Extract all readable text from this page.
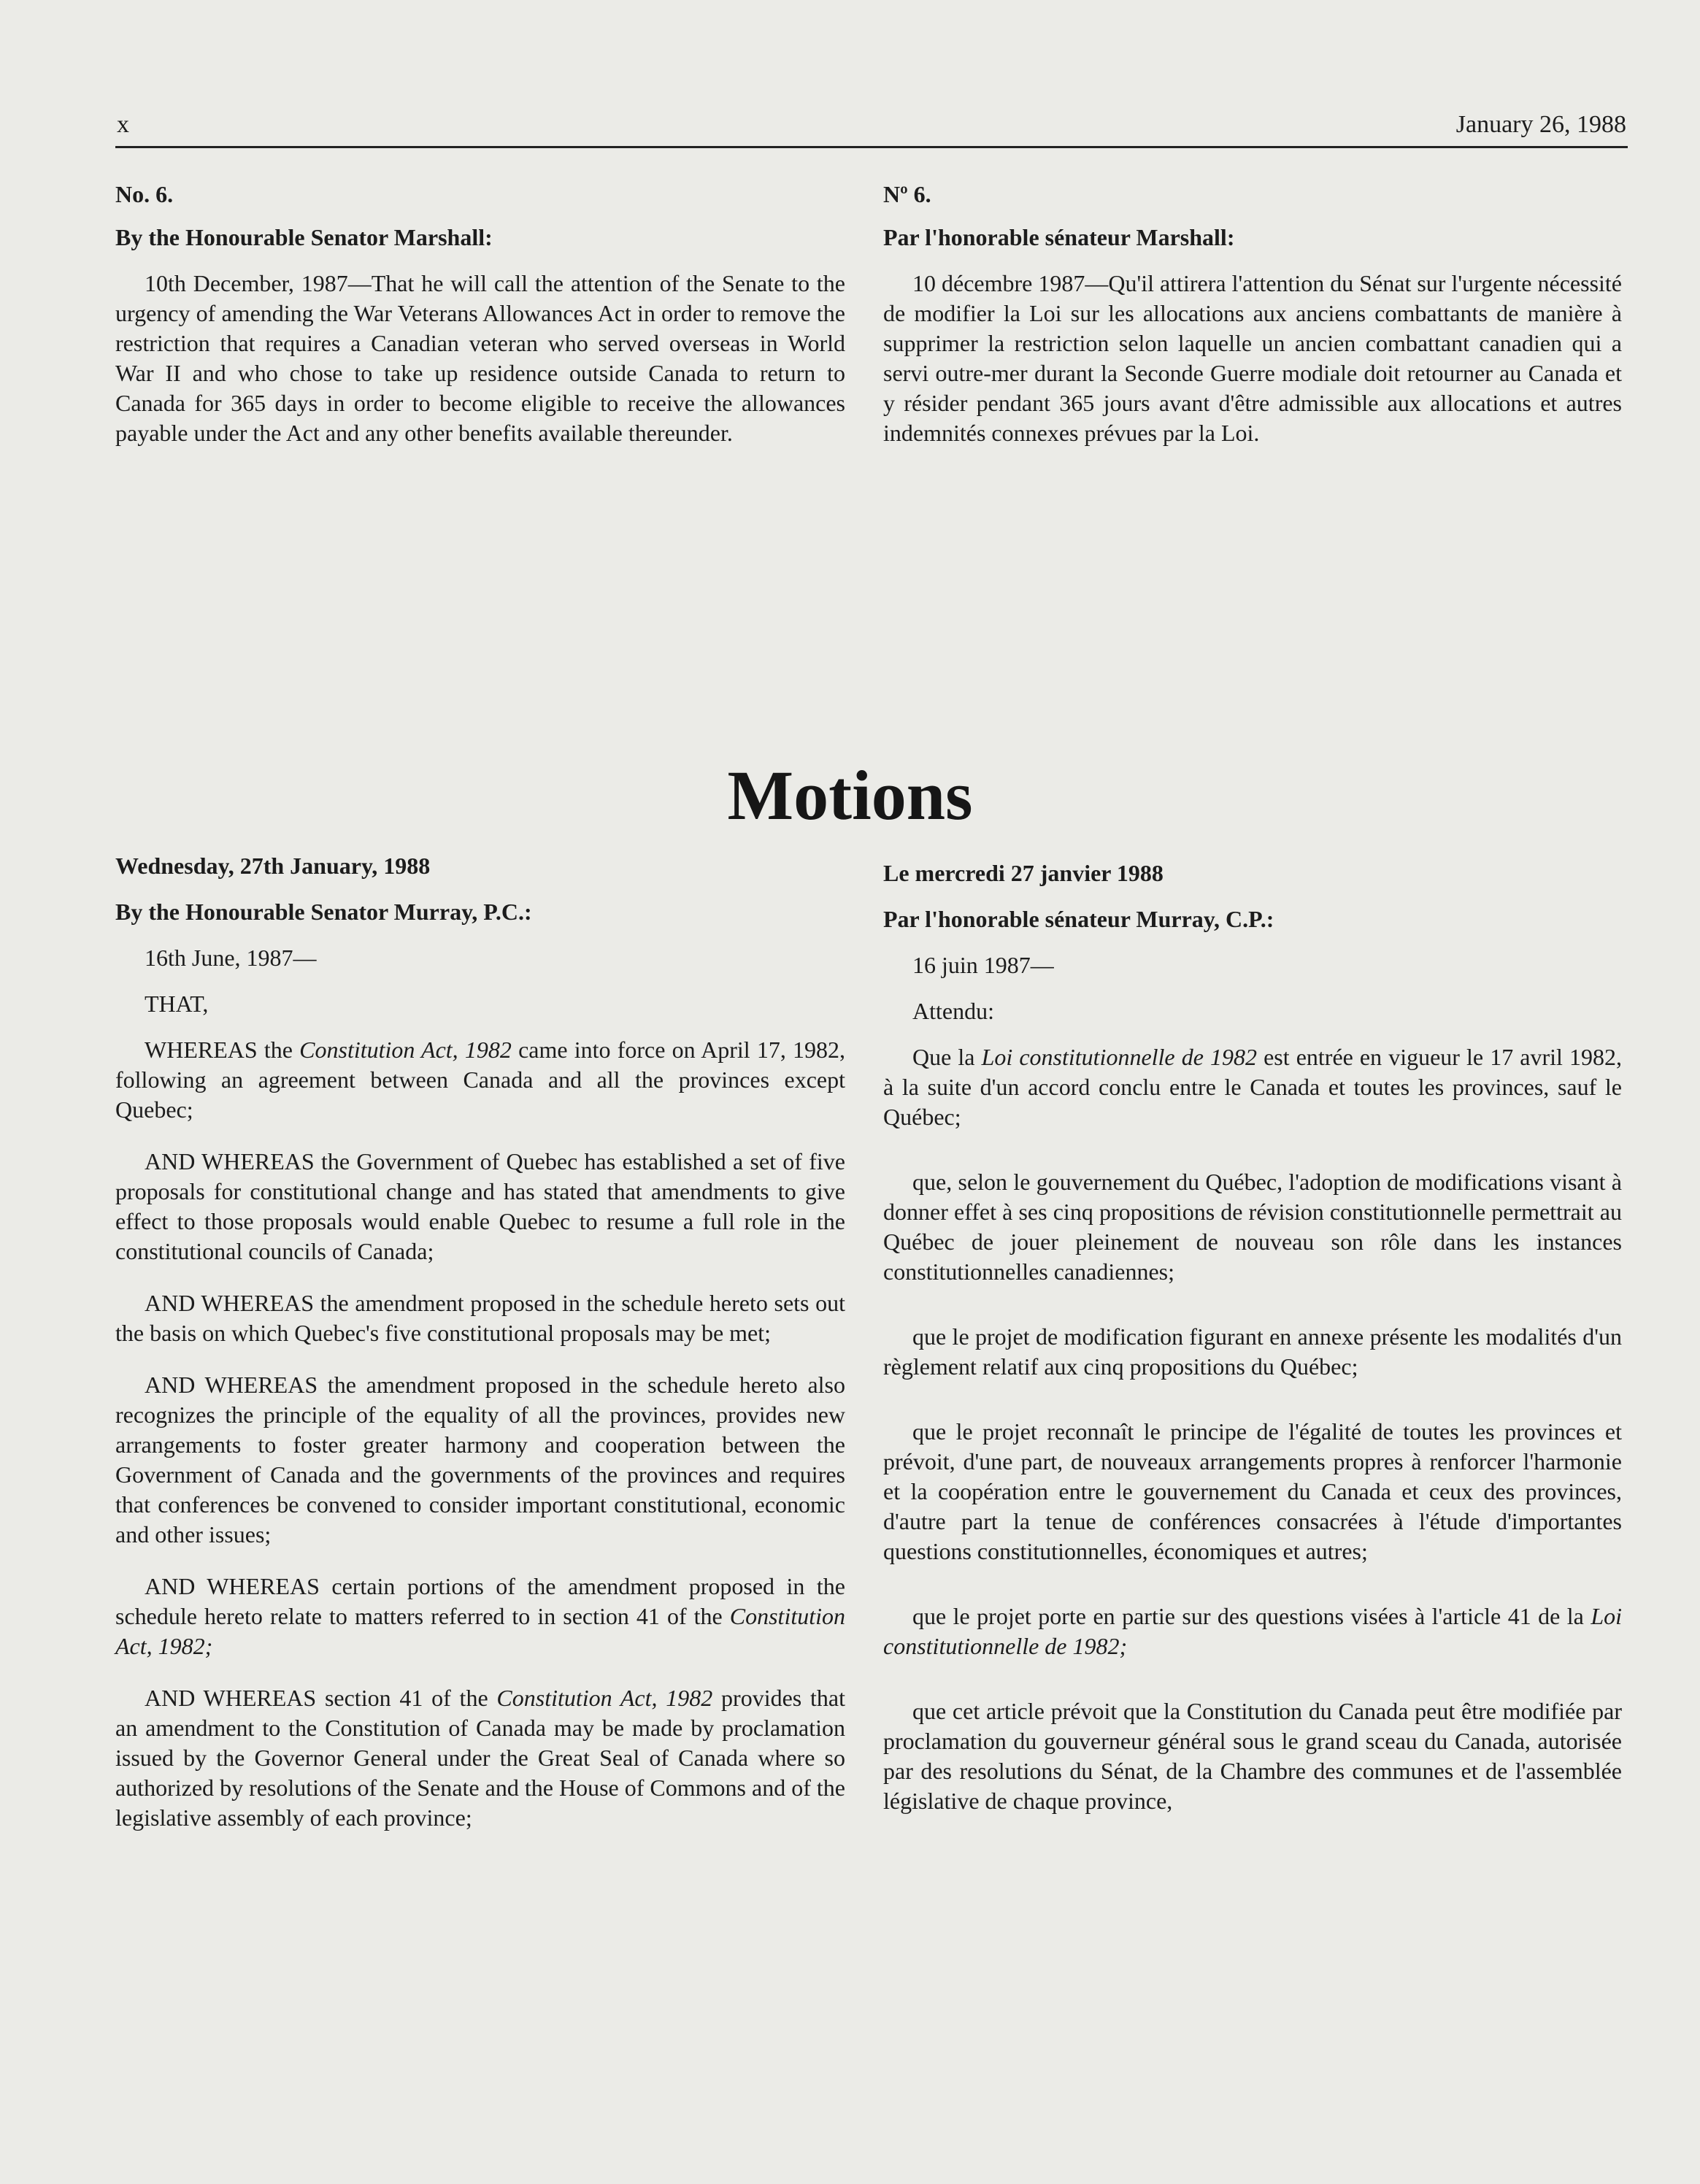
x	January 26, 1988

No. 6.

By the Honourable Senator Marshall:

10th December, 1987—That he will call the attention of the Senate to the urgency of amending the War Veterans Allowances Act in order to remove the restriction that requires a Canadian veteran who served overseas in World War II and who chose to take up residence outside Canada to return to Canada for 365 days in order to become eligible to receive the allowances payable under the Act and any other benefits available thereunder.

Nº 6.

Par l'honorable sénateur Marshall:

10 décembre 1987—Qu'il attirera l'attention du Sénat sur l'urgente nécessité de modifier la Loi sur les allocations aux anciens combattants de manière à supprimer la restriction selon laquelle un ancien combattant canadien qui a servi outre-mer durant la Seconde Guerre modiale doit retourner au Canada et y résider pendant 365 jours avant d'être admissible aux allocations et autres indemnités connexes prévues par la Loi.

Motions

Wednesday, 27th January, 1988

By the Honourable Senator Murray, P.C.:

16th June, 1987—

THAT,

WHEREAS the Constitution Act, 1982 came into force on April 17, 1982, following an agreement between Canada and all the provinces except Quebec;

AND WHEREAS the Government of Quebec has established a set of five proposals for constitutional change and has stated that amendments to give effect to those proposals would enable Quebec to resume a full role in the constitutional councils of Canada;

AND WHEREAS the amendment proposed in the schedule hereto sets out the basis on which Quebec's five constitutional proposals may be met;

AND WHEREAS the amendment proposed in the schedule hereto also recognizes the principle of the equality of all the provinces, provides new arrangements to foster greater harmony and cooperation between the Government of Canada and the governments of the provinces and requires that conferences be convened to consider important constitutional, economic and other issues;

AND WHEREAS certain portions of the amendment proposed in the schedule hereto relate to matters referred to in section 41 of the Constitution Act, 1982;

AND WHEREAS section 41 of the Constitution Act, 1982 provides that an amendment to the Constitution of Canada may be made by proclamation issued by the Governor General under the Great Seal of Canada where so authorized by resolutions of the Senate and the House of Commons and of the legislative assembly of each province;

Le mercredi 27 janvier 1988

Par l'honorable sénateur Murray, C.P.:

16 juin 1987—

Attendu:

Que la Loi constitutionnelle de 1982 est entrée en vigueur le 17 avril 1982, à la suite d'un accord conclu entre le Canada et toutes les provinces, sauf le Québec;

que, selon le gouvernement du Québec, l'adoption de modifications visant à donner effet à ses cinq propositions de révision constitutionnelle permettrait au Québec de jouer pleinement de nouveau son rôle dans les instances constitutionnelles canadiennes;

que le projet de modification figurant en annexe présente les modalités d'un règlement relatif aux cinq propositions du Québec;

que le projet reconnaît le principe de l'égalité de toutes les provinces et prévoit, d'une part, de nouveaux arrangements propres à renforcer l'harmonie et la coopération entre le gouvernement du Canada et ceux des provinces, d'autre part la tenue de conférences consacrées à l'étude d'importantes questions constitutionnelles, économiques et autres;

que le projet porte en partie sur des questions visées à l'article 41 de la Loi constitutionnelle de 1982;

que cet article prévoit que la Constitution du Canada peut être modifiée par proclamation du gouverneur général sous le grand sceau du Canada, autorisée par des resolutions du Sénat, de la Chambre des communes et de l'assemblée législative de chaque province,
